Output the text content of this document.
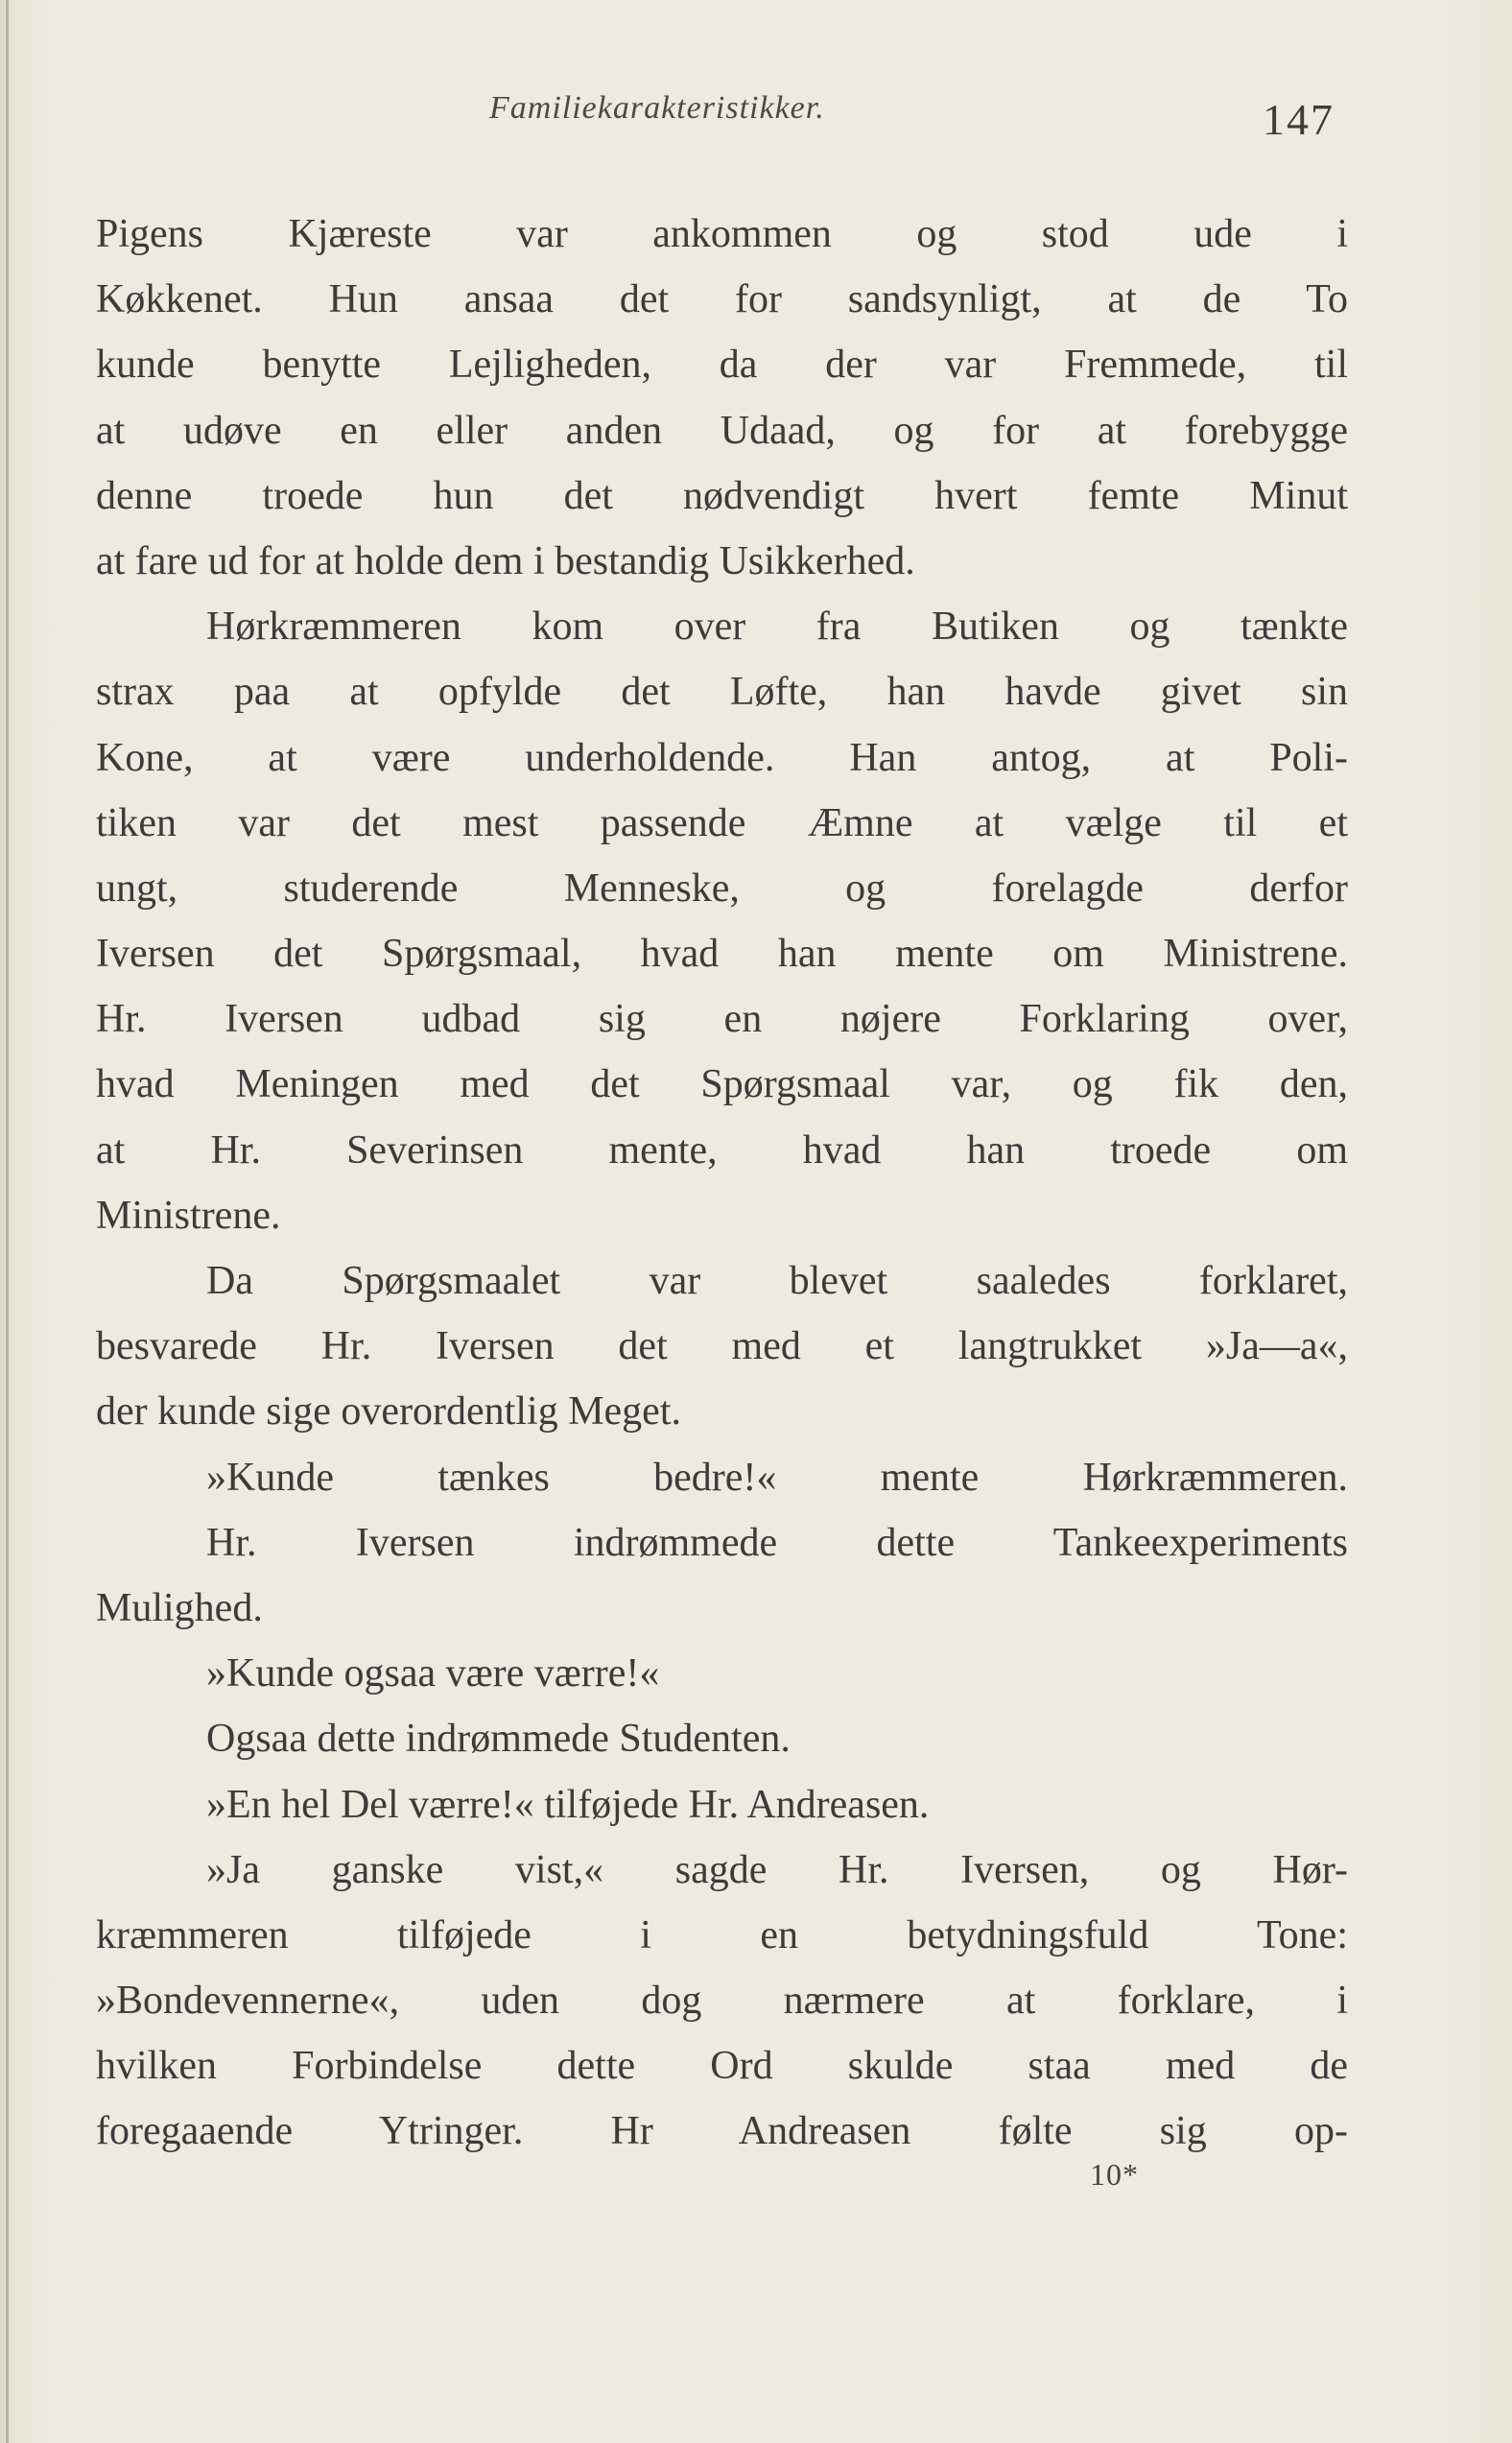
Familiekarakteristikker.	147
Pigens Kjæreste var ankommen og stod ude i
Køkkenet. Hun ansaa det for sandsynligt, at de To
kunde benytte Lejligheden, da der var Fremmede, til
at udøve en eller anden Udaad, og for at forebygge
denne troede hun det nødvendigt hvert femte Minut
at fare ud for at holde dem i bestandig Usikkerhed.
Hørkræmmeren kom over fra Butiken og tænkte
strax paa at opfylde det Løfte, han havde givet sin
Kone, at være underholdende. Han antog, at Poli-
tiken var det mest passende Æmne at vælge til et
ungt, studerende Menneske, og forelagde derfor
Iversen det Spørgsmaal, hvad han mente om Ministrene.
Hr. Iversen udbad sig en nøjere Forklaring over,
hvad Meningen med det Spørgsmaal var, og fik den,
at Hr. Severinsen mente, hvad han troede om
Ministrene.
Da Spørgsmaalet var blevet saaledes forklaret,
besvarede Hr. Iversen det med et langtrukket »Ja—a«,
der kunde sige overordentlig Meget.
»Kunde tænkes bedre!« mente Hørkræmmeren.
Hr. Iversen indrømmede dette Tankeexperiments
Mulighed.
»Kunde ogsaa være værre!«
Ogsaa dette indrømmede Studenten.
»En hel Del værre!« tilføjede Hr. Andreasen.
»Ja ganske vist,« sagde Hr. Iversen, og Hør-
kræmmeren tilføjede i en betydningsfuld Tone:
»Bondevennerne«, uden dog nærmere at forklare, i
hvilken Forbindelse dette Ord skulde staa med de
foregaaende Ytringer. Hr Andreasen følte sig op-
10*
